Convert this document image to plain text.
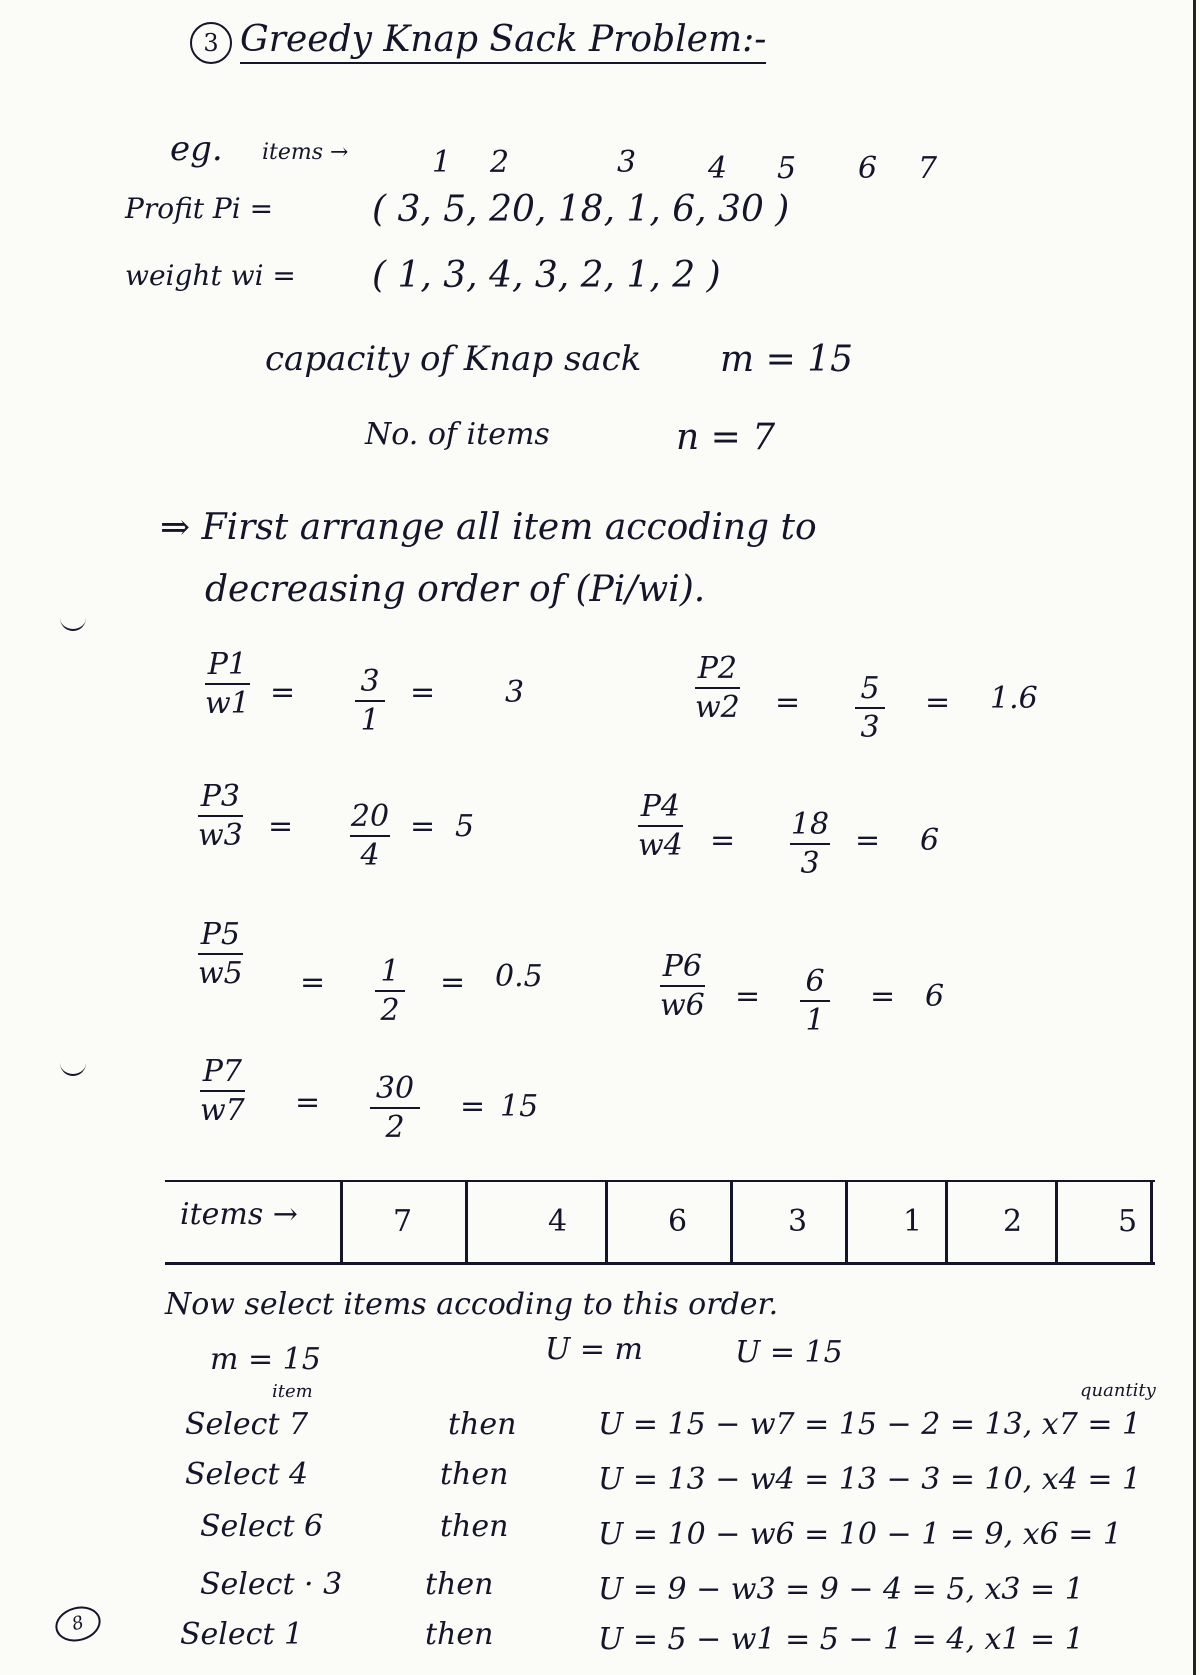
3 Greedy Knap Sack Problem:-
eg. items →	1 2	3 4 5 6 7
Profit Pi =	( 3, 5, 20, 18, 1, 6, 30 )
weight wi = ( 1, 3, 4, 3, 2, 1, 2 )
capacity of Knap sack m = 15
No. of items	n = 7
⇒ First arrange all item accoding to
decreasing order of (Pi/wi).
P1
w1 = 3
1
= 3
P2
w2 = 5
3
= 1.6
P3
w3 = 20
4
= 5
P4
w4 = 18
3
= 6
P5
w5 = 1
2
= 0.5	P6
w6 = 6
1
= 6
P7
w7 = 30
2
= 15
items →	7	4	6	3	1	2	5
Now select items accoding to this order.
m = 15	U = m	U = 15
item	quantity
Select 7	then	U = 15 − w7 = 15 − 2 = 13, x7 = 1
Select 4	then	U = 13 − w4 = 13 − 3 = 10, x4 = 1
Select 6	then	U = 10 − w6 = 10 − 1 = 9, x6 = 1
Select · 3	then	U = 9 − w3 = 9 − 4 = 5, x3 = 1
Select 1	then	U = 5 − w1 = 5 − 1 = 4, x1 = 1
8
